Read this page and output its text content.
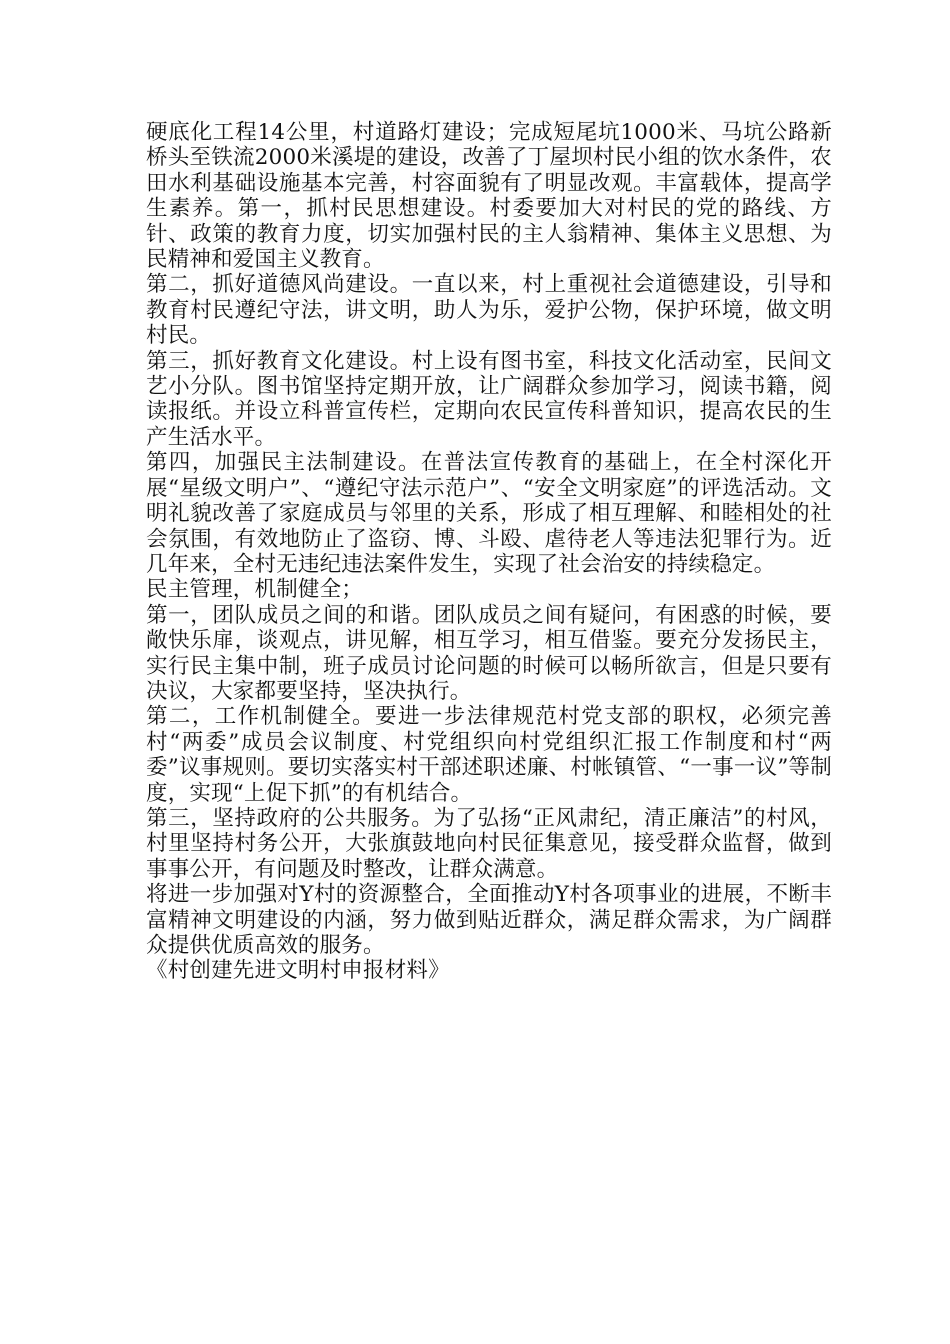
硬底化工程14公里，村道路灯建设；完成短尾坑1000米、马坑公路新桥头至铁流2000米溪堤的建设，改善了丁屋坝村民小组的饮水条件，农田水利基础设施基本完善，村容面貌有了明显改观。丰富载体，提高学生素养。第一，抓村民思想建设。村委要加大对村民的党的路线、方针、政策的教育力度，切实加强村民的主人翁精神、集体主义思想、为民精神和爱国主义教育。

第二，抓好道德风尚建设。一直以来，村上重视社会道德建设，引导和教育村民遵纪守法，讲文明，助人为乐，爱护公物，保护环境，做文明村民。

第三，抓好教育文化建设。村上设有图书室，科技文化活动室，民间文艺小分队。图书馆坚持定期开放，让广阔群众参加学习，阅读书籍，阅读报纸。并设立科普宣传栏，定期向农民宣传科普知识，提高农民的生产生活水平。

第四，加强民主法制建设。在普法宣传教育的基础上，在全村深化开展“星级文明户”、“遵纪守法示范户”、“安全文明家庭”的评选活动。文明礼貌改善了家庭成员与邻里的关系，形成了相互理解、和睦相处的社会氛围，有效地防止了盗窃、博、斗殴、虐待老人等违法犯罪行为。近几年来，全村无违纪违法案件发生，实现了社会治安的持续稳定。

民主管理，机制健全；

第一，团队成员之间的和谐。团队成员之间有疑问，有困惑的时候，要敞快乐扉，谈观点，讲见解，相互学习，相互借鉴。要充分发扬民主，实行民主集中制，班子成员讨论问题的时候可以畅所欲言，但是只要有决议，大家都要坚持，坚决执行。

第二，工作机制健全。要进一步法律规范村党支部的职权，必须完善村“两委”成员会议制度、村党组织向村党组织汇报工作制度和村“两委”议事规则。要切实落实村干部述职述廉、村帐镇管、“一事一议”等制度，实现“上促下抓”的有机结合。

第三，坚持政府的公共服务。为了弘扬“正风肃纪，清正廉洁”的村风，村里坚持村务公开，大张旗鼓地向村民征集意见，接受群众监督，做到事事公开，有问题及时整改，让群众满意。

将进一步加强对Y村的资源整合，全面推动Y村各项事业的进展，不断丰富精神文明建设的内涵，努力做到贴近群众，满足群众需求，为广阔群众提供优质高效的服务。

《村创建先进文明村申报材料》
